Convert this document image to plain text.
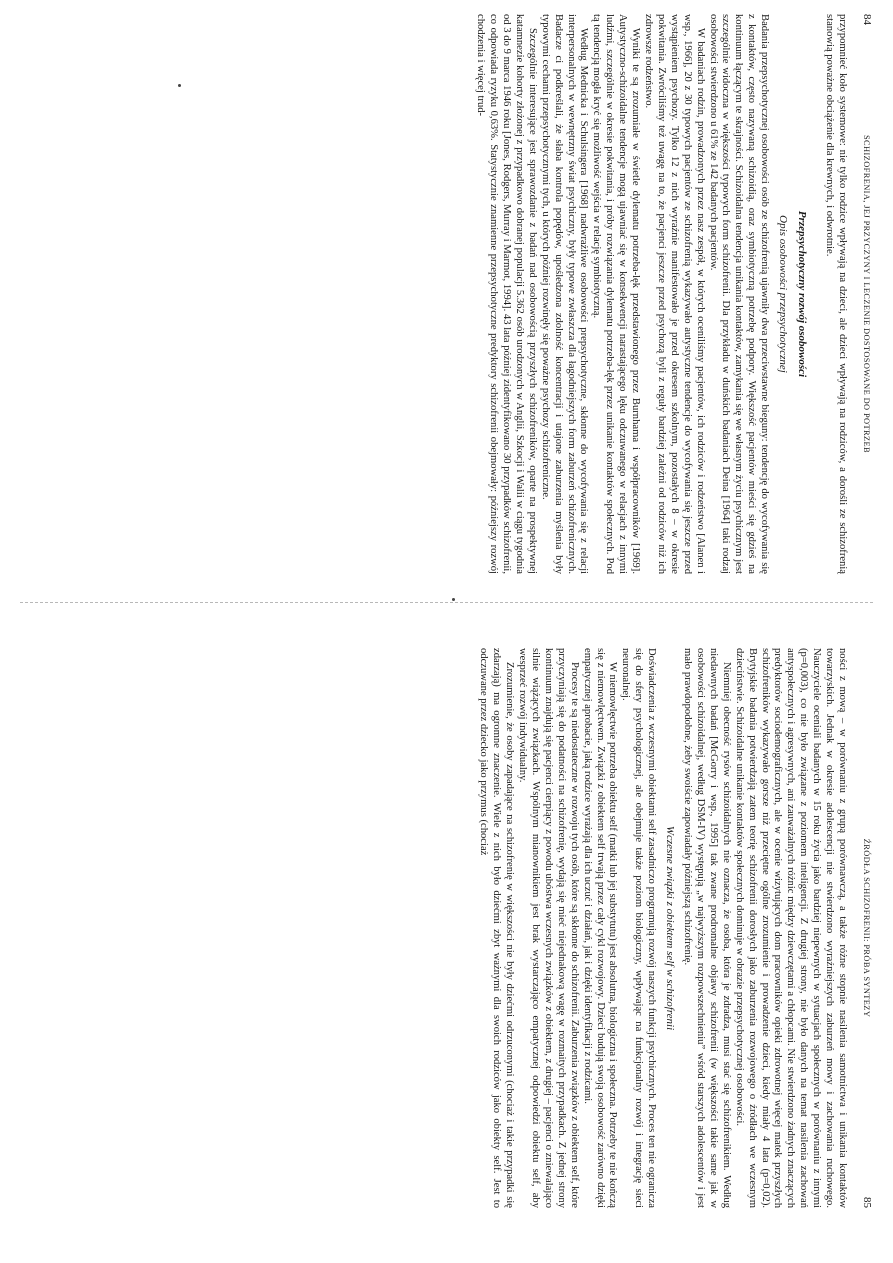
84
SCHIZOFRENIA, JEJ PRZYCZYNY I LECZENIE DOSTOSOWANE DO POTRZEB

przypomnieć koło systemowe: nie tylko rodzice wpływają na dzieci, ale dzieci wpływają na rodziców, a doroślі ze schizofrenią stanowią poważne obciążenie dla krewnych, i odwrotnie.

Przepsychotyczny rozwój osobowości
Opis osobowości przepsychotycznej

Badania przepsychotycznej osobowości osób ze schizofrenią ujawniły dwa przeciwstawne bieguny: tendencję do wycofywania się z kontaktów, często nazywaną schizoidią, oraz symbiotyczną potrzebę podpory. Większość pacjentów mieści się gdzieś na kontinuum łączącym te skrajności. Schizoidalna tendencja unikania kontaktów, zamykania się we własnym życiu psychicznym jest szczególnie widoczna w większości typowych form schizofrenii. Dla przykładu w duńskich badaniach Deina [1964] taki rodzaj osobowości stwierdzono u 61% ze 142 badanych pacjentów.

W badaniach rodzin, prowadzonych przez nasz zespół, w których oceniliśmy pacjentów, ich rodziców i rodzeństwo [Alanen i wsp., 1966], 20 z 30 typowych pacjentów ze schizofrenią wykazywało autystyczne tendencje do wycofywania się jeszcze przed wystąpieniem psychozy. Tylko 12 z nich wyraźnie manifestowało je przed okresem szkolnym, pozostałych 8 – w okresie pokwitania. Zwróciliśmy też uwagę na to, że pacjenci jeszcze przed psychozą byli z reguły bardziej zależni od rodziców niż ich zdrowsze rodzeństwo.

Wyniki te są zrozumiałe w świetle dylematu potrzeba-lęk przedstawionego przez Burnhama i współpracowników [1969]. Autystyczno-schizoidalne tendencje mogą ujawniać się w konsekwencji narastającego lęku odczuwanego w relacjach z innymi ludźmi, szczególnie w okresie pokwitania, i próby rozwiązania dylematu potrzeba-lęk przez unikanie kontaktów społecznych. Pod tą tendencją mogła kryć się możliwość wejścia w relację symbiotyczną.

Według Mednicka i Schulsingera [1968] nadwrażliwe osobowości prepsychotyczne, skłonne do wycofywania się z relacji interpersonalnych w wewnętrzny świat psychiczny, były typowe zwłaszcza dla łagodniejszych form zaburzeń schizofrenicznych. Badacze ci podkreślali, że słaba kontrola popędów, upośledzona zdolność koncentracji i utajone zaburzenia myślenia były typowymi cechami przepsychotycznymi tych, u których później rozwinęły się poważne psychozy schizofreniczne.

Szczególnie interesujące jest sprawozdanie z badań nad osobowością przyszłych schizofreników, oparte na prospektywnej katamnezie kohorty złożonej z przypadkowo dobranej populacji 5.362 osób urodzonych w Anglii, Szkocji i Walii w ciągu tygodnia od 3 do 9 marca 1946 roku [Jones, Rodgers, Murray i Marmot, 1994]. 43 lata później zidentyfikowano 30 przypadków schizofrenii, co odpowiada ryzyku 0,63%. Statystycznie znamienne przepsychotyczne predyktory schizofrenii obejmowały: późniejszy rozwój chodzenia i więcej trud-

ŹRÓDŁA SCHIZOFRENII: PRÓBA SYNTEZY
85

ności z mową – w porównaniu z grupą porównawczą, a także różne stopnie nasilenia samotnictwa i unikania kontaktów towarzyskich. Jednak w okresie adolescencji nie stwierdzono wyraźniejszych zaburzeń mowy i zachowania ruchowego. Nauczyciele oceniali badanych w 15 roku życia jako bardziej niepewnych w sytuacjach społecznych w porównaniu z innymi (p=0,003), co nie było związane z poziomem inteligencji. Z drugiej strony, nie było danych na temat nasilenia zachowań antyspołecznych i agresywnych, ani zauważalnych różnic między dziewczętami a chłopcami. Nie stwierdzono żadnych znaczących predyktorów sociodemograficznych, ale w ocenie wizytujących dom pracowników opieki zdrowotnej więcej matek przyszłych schizofreników wykazywało gorsze niż przeciętne ogólne zrozumienie i prowadzenie dzieci, kiedy miały 4 lata (p=0,02). Brytyjskie badania potwierdzają zatem teorię schizofrenii dorosłych jako zaburzenia rozwojowego o źródłach we wczesnym dzieciństwie. Schizoidalne unikanie kontaktów społecznych dominuje w obrazie przepsychotycznej osobowości.

Niemniej obecność rysów schizoidalnych nie oznacza, że osoba, która je zdradza, musi stać się schizofrenikiem. Według niedawnych badań [McGorry i wsp., 1995] tak zwane prodromalne objawy schizofrenii (w większości takie same jak w osobowości schizoidalnej, według DSM-IV) występują „w najwyższym rozpowszechnieniu” wśród starszych adolescentów i jest mało prawdopodobne, żeby swoiście zapowiadały późniejszą schizofrenię.

Wczesne związki z obiektem self w schizofrenii

Doświadczenia z wczesnymi obiektami self zasadniczo programują rozwój naszych funkcji psychicznych. Proces ten nie ogranicza się do sfery psychologicznej, ale obejmuje także poziom biologiczny, wpływając na funkcjonalny rozwój i integrację sieci neuronalnej.

W niemowlęctwie potrzeba obiektu self (matki lub jej substytutu) jest absolutna, biologiczna i społeczna. Potrzeby te nie kończą się z niemowlęctwem. Związki z obiektem self trwają przez cały cykl rozwojowy. Dzieci budują swoją osobowość zarówno dzięki empatycznej aprobacie, jaką rodzice wyrażają dla ich uczuć i działań, jak i dzięki identyfikacji z rodzicami.

Procesy te są niedostateczne w rozwoju tych osób, które są skłonne do schizofrenii. Zaburzenia związków z obiektem self, które przyczyniają się do podatności na schizofrenię, wydają się mieć niejednakową wagę w rozmaitych przypadkach. Z jednej strony kontinuum znajdują się pacjenci cierpiący z powodu ubóstwa wczesnych związków z obiektem, z drugiej – pacjenci o zniewalająco silnie wiążących związkach. Wspólnym mianownikiem jest brak wystarczająco empatycznej odpowiedzi obiektu self, aby wesprzeć rozwój indywidualny.

Zrozumienie, że osoby zapadające na schizofrenię w większości nie były dziećmi odrzuconymi (chociaż i takie przypadki się zdarzają) ma ogromne znaczenie. Wiele z nich było dziećmi zbyt ważnymi dla swoich rodziców jako obiekty self. Jest to odczuwane przez dziecko jako przymus (chociaż
